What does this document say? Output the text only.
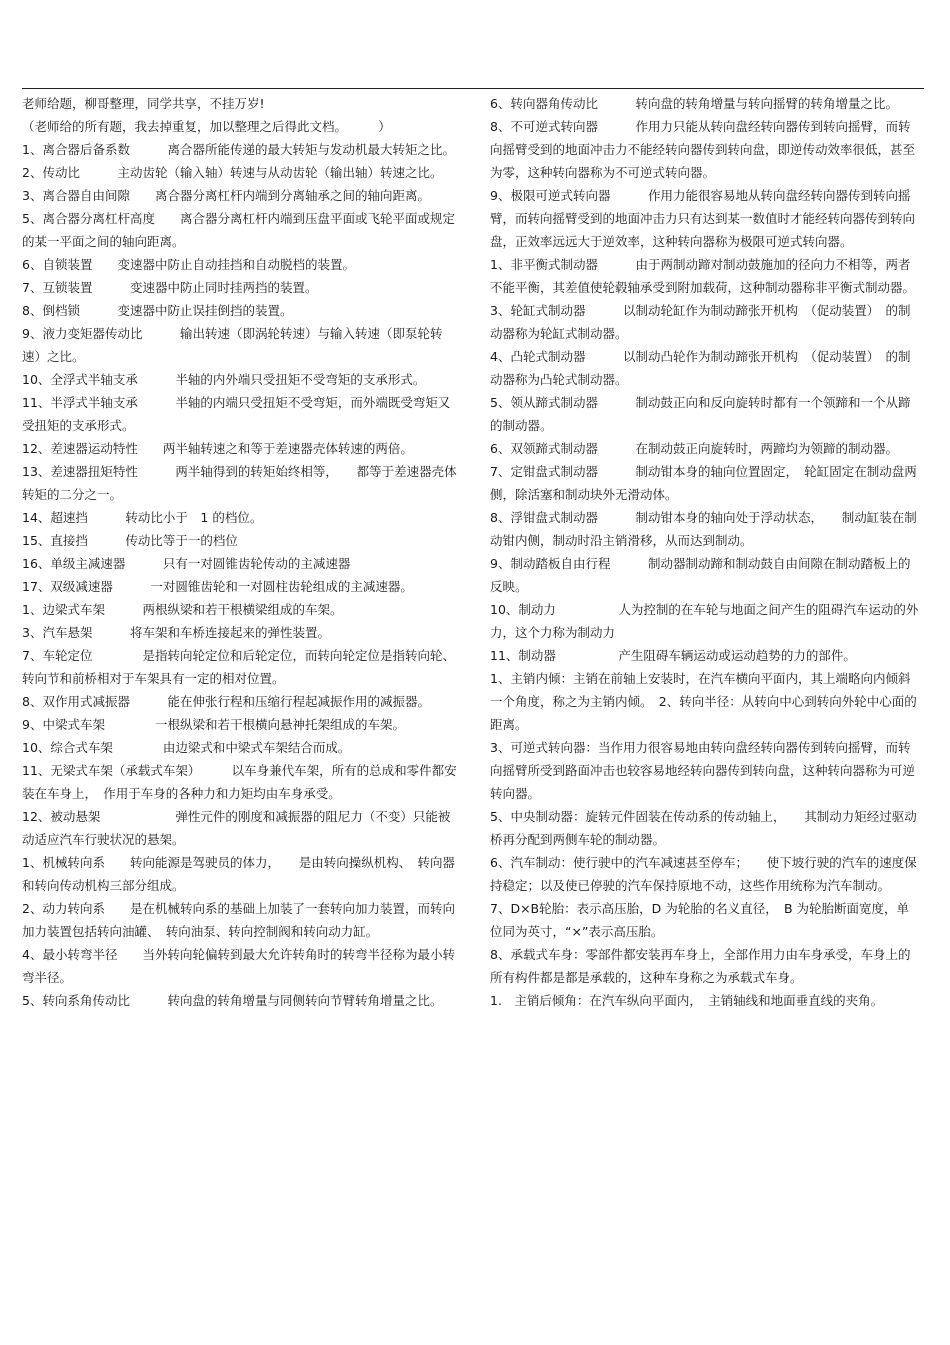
老师给题，柳哥整理，同学共享，不挂万岁!

（老师给的所有题，我去掉重复，加以整理之后得此文档。　　　）

1、离合器后备系数　　　离合器所能传递的最大转矩与发动机最大转矩之比。

2、传动比　　　主动齿轮（输入轴）转速与从动齿轮（输出轴）转速之比。

3、离合器自由间隙　　离合器分离杠杆内端到分离轴承之间的轴向距离。

5、离合器分离杠杆高度　　离合器分离杠杆内端到压盘平面或飞轮平面或规定的某一平面之间的轴向距离。

6、自锁装置　　变速器中防止自动挂挡和自动脱档的装置。

7、互锁装置　　　变速器中防止同时挂两挡的装置。

8、倒档锁　　　变速器中防止误挂倒挡的装置。

9、液力变矩器传动比　　　输出转速（即涡轮转速）与输入转速（即泵轮转速）之比。

10、全浮式半轴支承　　　半轴的内外端只受扭矩不受弯矩的支承形式。

11、半浮式半轴支承　　　半轴的内端只受扭矩不受弯矩，而外端既受弯矩又受扭矩的支承形式。

12、差速器运动特性　　两半轴转速之和等于差速器壳体转速的两倍。

13、差速器扭矩特性　　　两半轴得到的转矩始终相等，　　都等于差速器壳体转矩的二分之一。

14、超速挡　　　转动比小于　1 的档位。

15、直接挡　　　传动比等于一的档位

16、单级主减速器　　　只有一对圆锥齿轮传动的主减速器

17、双级减速器　　　一对圆锥齿轮和一对圆柱齿轮组成的主减速器。

1、边梁式车架　　　两根纵梁和若干根横梁组成的车架。

3、汽车悬架　　　将车架和车桥连接起来的弹性装置。

7、车轮定位　　　　是指转向轮定位和后轮定位，而转向轮定位是指转向轮、转向节和前桥相对于车架具有一定的相对位置。

8、双作用式减振器　　　能在伸张行程和压缩行程起减振作用的减振器。

9、中梁式车架　　　　一根纵梁和若干根横向悬神托架组成的车架。

10、综合式车架　　　　由边梁式和中梁式车架结合而成。

11、无梁式车架（承载式车架）　　　以车身兼代车架，所有的总成和零件都安装在车身上，　作用于车身的各种力和力矩均由车身承受。

12、被动悬架　　　　　　弹性元件的刚度和减振器的阻尼力（不变）只能被动适应汽车行驶状况的悬架。

1、机械转向系　　转向能源是驾驶员的体力，　　是由转向操纵机构、　转向器和转向传动机构三部分组成。

2、动力转向系　　是在机械转向系的基础上加装了一套转向加力装置，而转向加力装置包括转向油罐、　转向油泵、转向控制阀和转向动力缸。

4、最小转弯半径　　当外转向轮偏转到最大允许转角时的转弯半径称为最小转弯半径。

5、转向系角传动比　　　转向盘的转角增量与同侧转向节臂转角增量之比。

6、转向器角传动比　　　转向盘的转角增量与转向摇臂的转角增量之比。

8、不可逆式转向器　　　作用力只能从转向盘经转向器传到转向摇臂，而转向摇臂受到的地面冲击力不能经转向器传到转向盘，即逆传动效率很低，甚至为零，这种转向器称为不可逆式转向器。

9、极限可逆式转向器　　　作用力能很容易地从转向盘经转向器传到转向摇臂，而转向摇臂受到的地面冲击力只有达到某一数值时才能经转向器传到转向盘，正效率远远大于逆效率，这种转向器称为极限可逆式转向器。

1、非平衡式制动器　　　由于两制动蹄对制动鼓施加的径向力不相等，两者不能平衡，其差值使轮毂轴承受到附加载荷，这种制动器称非平衡式制动器。

3、轮缸式制动器　　　以制动轮缸作为制动蹄张开机构　（促动装置）　的制动器称为轮缸式制动器。

4、凸轮式制动器　　　以制动凸轮作为制动蹄张开机构　（促动装置）　的制动器称为凸轮式制动器。

5、领从蹄式制动器　　　制动鼓正向和反向旋转时都有一个领蹄和一个从蹄的制动器。

6、双领蹄式制动器　　　在制动鼓正向旋转时，两蹄均为领蹄的制动器。

7、定钳盘式制动器　　　制动钳本身的轴向位置固定，　轮缸固定在制动盘两侧，除活塞和制动块外无滑动体。

8、浮钳盘式制动器　　　制动钳本身的轴向处于浮动状态，　　制动缸装在制动钳内侧，制动时沿主销滑移，从而达到制动。

9、制动踏板自由行程　　　制动器制动蹄和制动鼓自由间隙在制动踏板上的反映。

10、制动力　　　　　人为控制的在车轮与地面之间产生的阻碍汽车运动的外力，这个力称为制动力

11、制动器　　　　　产生阻碍车辆运动或运动趋势的力的部件。

1、主销内倾：主销在前轴上安装时，在汽车横向平面内，其上端略向内倾斜一个角度，称之为主销内倾。　2、转向半径：从转向中心到转向外轮中心面的距离。

3、可逆式转向器：当作用力很容易地由转向盘经转向器传到转向摇臂，而转向摇臂所受到路面冲击也较容易地经转向器传到转向盘，这种转向器称为可逆转向器。

5、中央制动器：旋转元件固装在传动系的传动轴上，　　其制动力矩经过驱动桥再分配到两侧车轮的制动器。

6、汽车制动：使行驶中的汽车减速甚至停车；　　使下坡行驶的汽车的速度保持稳定；以及使已停驶的汽车保持原地不动，这些作用统称为汽车制动。

7、D×B轮胎：表示高压胎，D 为轮胎的名义直径，　B 为轮胎断面宽度，单位同为英寸，“×”表示高压胎。

8、承载式车身：零部件都安装再车身上，全部作用力由车身承受，车身上的所有构件都是都是承载的，这种车身称之为承载式车身。

1.　主销后倾角：在汽车纵向平面内，　主销轴线和地面垂直线的夹角。
